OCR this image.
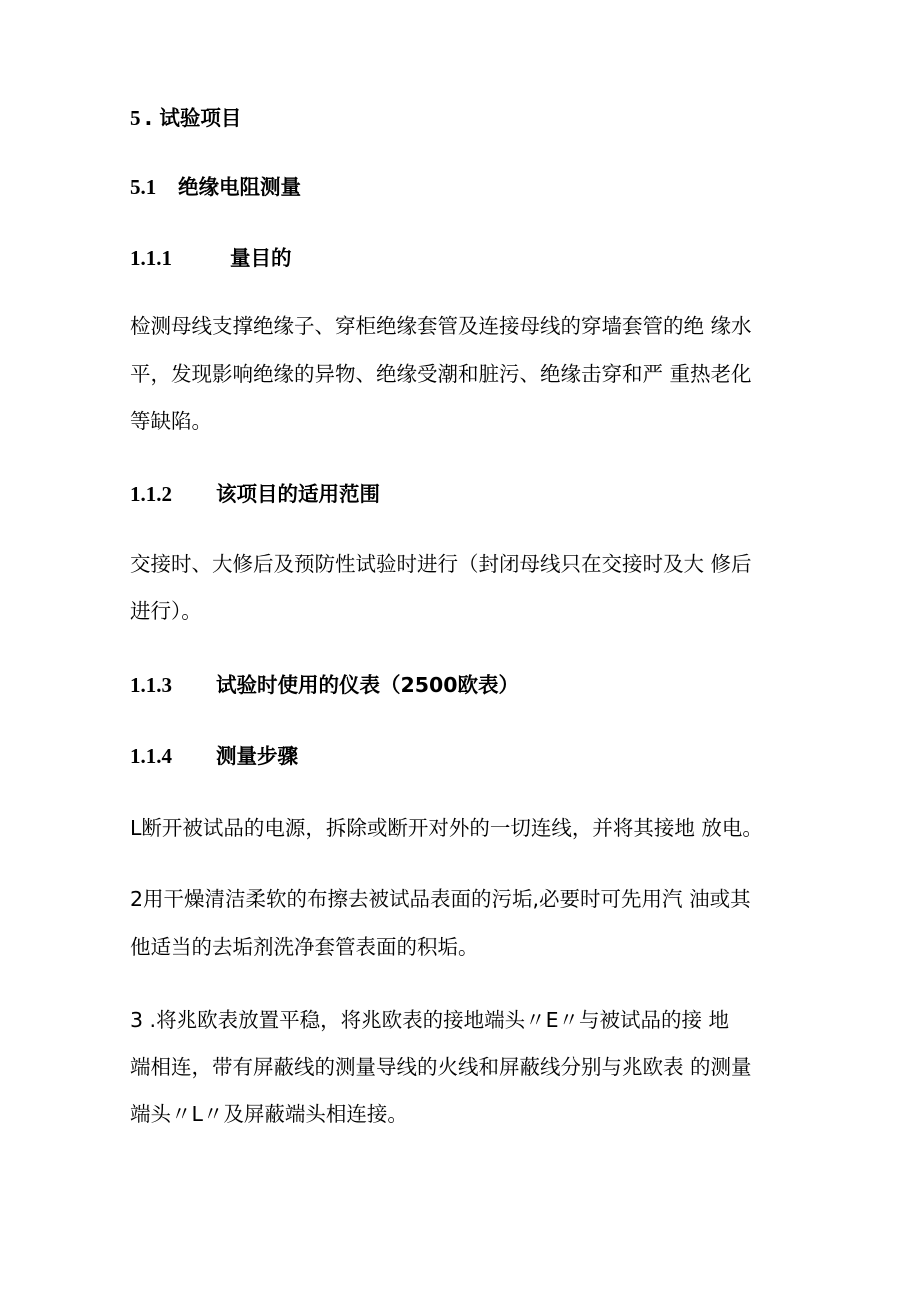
5 . 试验项目
5.1 绝缘电阻测量
1.1.1	量目的
检测母线支撑绝缘子、穿柜绝缘套管及连接母线的穿墙套管的绝 缘水
平，发现影响绝缘的异物、绝缘受潮和脏污、绝缘击穿和严 重热老化
等缺陷。
1.1.2 该项目的适用范围
交接时、大修后及预防性试验时进行（封闭母线只在交接时及大 修后
进行）。
1.1.3 试验时使用的仪表（2500欧表）
1.1.4 测量步骤
L断开被试品的电源，拆除或断开对外的一切连线，并将其接地 放电。
2用干燥清洁柔软的布擦去被试品表面的污垢,必要时可先用汽 油或其
他适当的去垢剂洗净套管表面的积垢。
3 .将兆欧表放置平稳，将兆欧表的接地端头〃E〃与被试品的接 地
端相连，带有屏蔽线的测量导线的火线和屏蔽线分别与兆欧表 的测量
端头〃L〃及屏蔽端头相连接。
